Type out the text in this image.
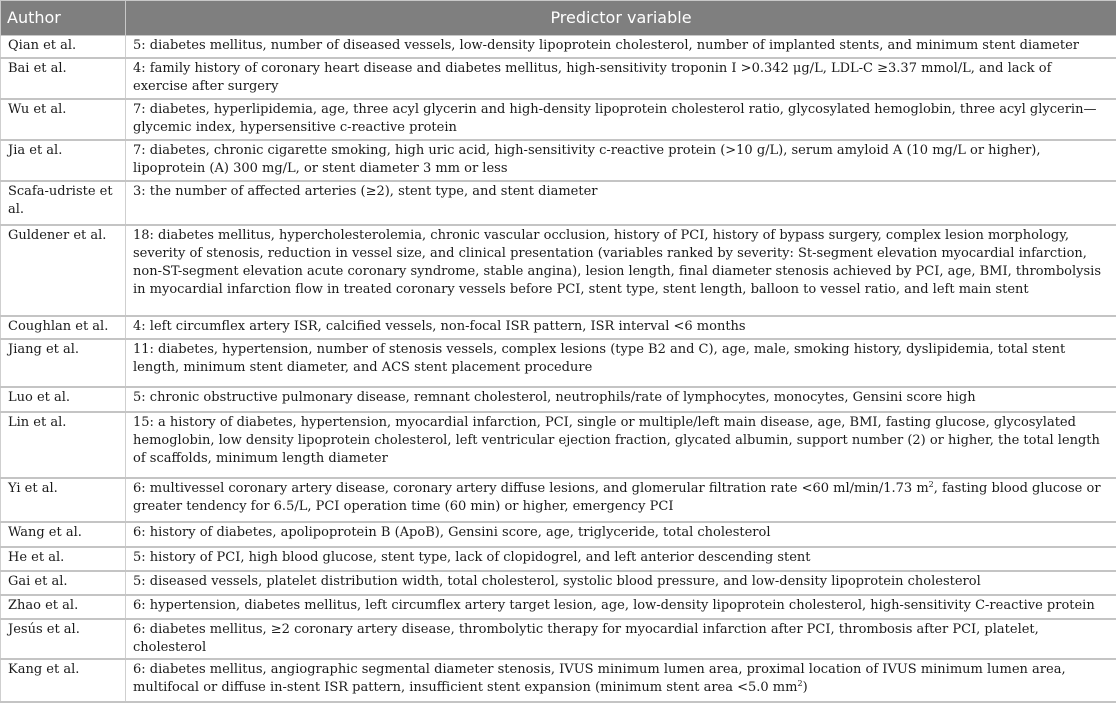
Author	Predictor variable
Qian et al.	5: diabetes mellitus, number of diseased vessels, low-density lipoprotein cholesterol, number of implanted stents, and minimum stent diameter
Bai et al.	4: family history of coronary heart disease and diabetes mellitus, high-sensitivity troponin I >0.342 μg/L, LDL-C ≥3.37 mmol/L, and lack of exercise after surgery
Wu et al.	7: diabetes, hyperlipidemia, age, three acyl glycerin and high-density lipoprotein cholesterol ratio, glycosylated hemoglobin, three acyl glycerin—glycemic index, hypersensitive c-reactive protein
Jia et al.	7: diabetes, chronic cigarette smoking, high uric acid, high-sensitivity c-reactive protein (>10 g/L), serum amyloid A (10 mg/L or higher), lipoprotein (A) 300 mg/L, or stent diameter 3 mm or less
Scafa-udriste et al.	3: the number of affected arteries (≥2), stent type, and stent diameter
Guldener et al.	18: diabetes mellitus, hypercholesterolemia, chronic vascular occlusion, history of PCI, history of bypass surgery, complex lesion morphology, severity of stenosis, reduction in vessel size, and clinical presentation (variables ranked by severity: St-segment elevation myocardial infarction, non-ST-segment elevation acute coronary syndrome, stable angina), lesion length, final diameter stenosis achieved by PCI, age, BMI, thrombolysis in myocardial infarction flow in treated coronary vessels before PCI, stent type, stent length, balloon to vessel ratio, and left main stent
Coughlan et al.	4: left circumflex artery ISR, calcified vessels, non-focal ISR pattern, ISR interval <6 months
Jiang et al.	11: diabetes, hypertension, number of stenosis vessels, complex lesions (type B2 and C), age, male, smoking history, dyslipidemia, total stent length, minimum stent diameter, and ACS stent placement procedure
Luo et al.	5: chronic obstructive pulmonary disease, remnant cholesterol, neutrophils/rate of lymphocytes, monocytes, Gensini score high
Lin et al.	15: a history of diabetes, hypertension, myocardial infarction, PCI, single or multiple/left main disease, age, BMI, fasting glucose, glycosylated hemoglobin, low density lipoprotein cholesterol, left ventricular ejection fraction, glycated albumin, support number (2) or higher, the total length of scaffolds, minimum length diameter
Yi et al.	6: multivessel coronary artery disease, coronary artery diffuse lesions, and glomerular filtration rate <60 ml/min/1.73 $m^2$, fasting blood glucose or greater tendency for 6.5/L, PCI operation time (60 min) or higher, emergency PCI
Wang et al.	6: history of diabetes, apolipoprotein B (ApoB), Gensini score, age, triglyceride, total cholesterol
He et al.	5: history of PCI, high blood glucose, stent type, lack of clopidogrel, and left anterior descending stent
Gai et al.	5: diseased vessels, platelet distribution width, total cholesterol, systolic blood pressure, and low-density lipoprotein cholesterol
Zhao et al.	6: hypertension, diabetes mellitus, left circumflex artery target lesion, age, low-density lipoprotein cholesterol, high-sensitivity C-reactive protein
Jesús et al.	6: diabetes mellitus, ≥2 coronary artery disease, thrombolytic therapy for myocardial infarction after PCI, thrombosis after PCI, platelet, cholesterol
Kang et al.	6: diabetes mellitus, angiographic segmental diameter stenosis, IVUS minimum lumen area, proximal location of IVUS minimum lumen area, multifocal or diffuse in-stent ISR pattern, insufficient stent expansion (minimum stent area <5.0 $mm^2$)
